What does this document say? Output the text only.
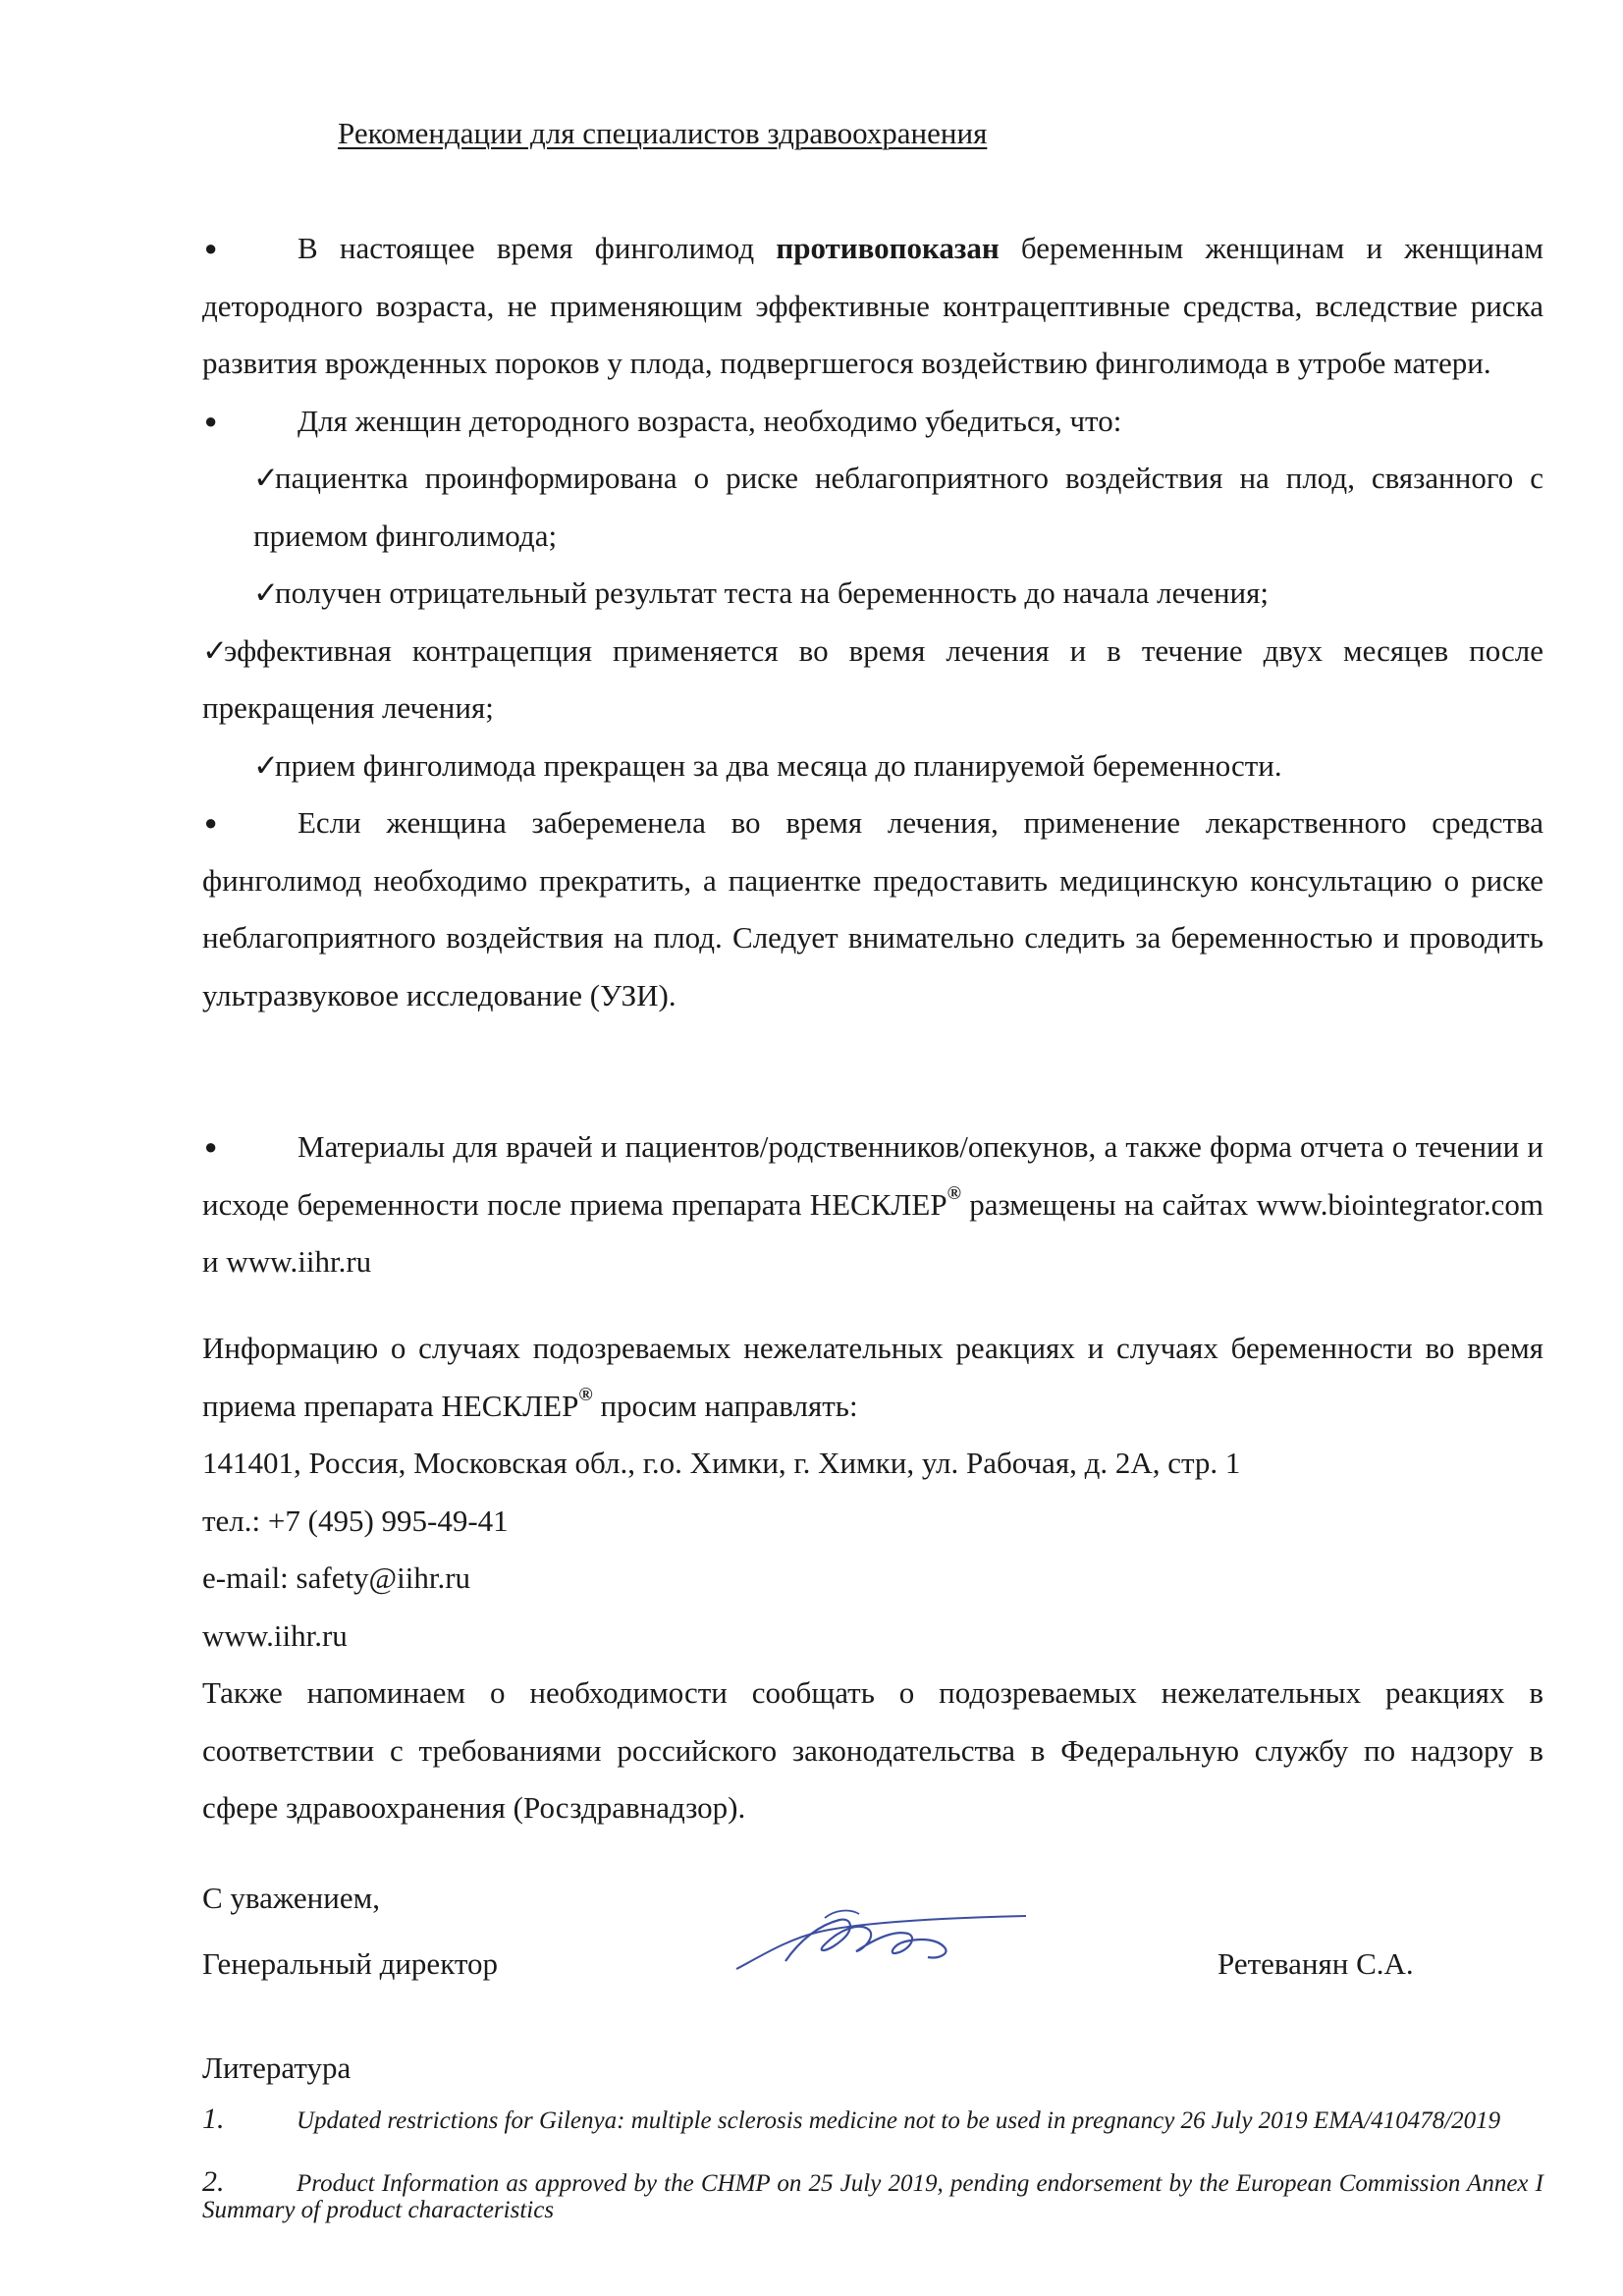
Рекомендации для специалистов здравоохранения
●	В настоящее время финголимод противопоказан беременным женщинам и женщинам детородного возраста, не применяющим эффективные контрацептивные средства, вследствие риска развития врожденных пороков у плода, подвергшегося воздействию финголимода в утробе матери.
●	Для женщин детородного возраста, необходимо убедиться, что:
✓пациентка проинформирована о риске неблагоприятного воздействия на плод, связанного с приемом финголимода;
✓получен отрицательный результат теста на беременность до начала лечения;
✓эффективная контрацепция применяется во время лечения и в течение двух месяцев после прекращения лечения;
✓прием финголимода прекращен за два месяца до планируемой беременности.
●	Если женщина забеременела во время лечения, применение лекарственного средства финголимод необходимо прекратить, а пациентке предоставить медицинскую консультацию о риске неблагоприятного воздействия на плод. Следует внимательно следить за беременностью и проводить ультразвуковое исследование (УЗИ).
●	Материалы для врачей и пациентов/родственников/опекунов, а также форма отчета о течении и исходе беременности после приема препарата НЕСКЛЕР® размещены на сайтах www.biointegrator.com и www.iihr.ru
Информацию о случаях подозреваемых нежелательных реакциях и случаях беременности во время приема препарата НЕСКЛЕР® просим направлять:
141401, Россия, Московская обл., г.о. Химки, г. Химки, ул. Рабочая, д. 2А, стр. 1
тел.: +7 (495) 995-49-41
e-mail: safety@iihr.ru
www.iihr.ru
Также напоминаем о необходимости сообщать о подозреваемых нежелательных реакциях в соответствии с требованиями российского законодательства в Федеральную службу по надзору в сфере здравоохранения (Росздравнадзор).
С уважением,
Генеральный директор	Ретеванян С.А.
Литература
1.	Updated restrictions for Gilenya: multiple sclerosis medicine not to be used in pregnancy 26 July 2019 EMA/410478/2019
2.	Product Information as approved by the CHMP on 25 July 2019, pending endorsement by the European Commission Annex I Summary of product characteristics
